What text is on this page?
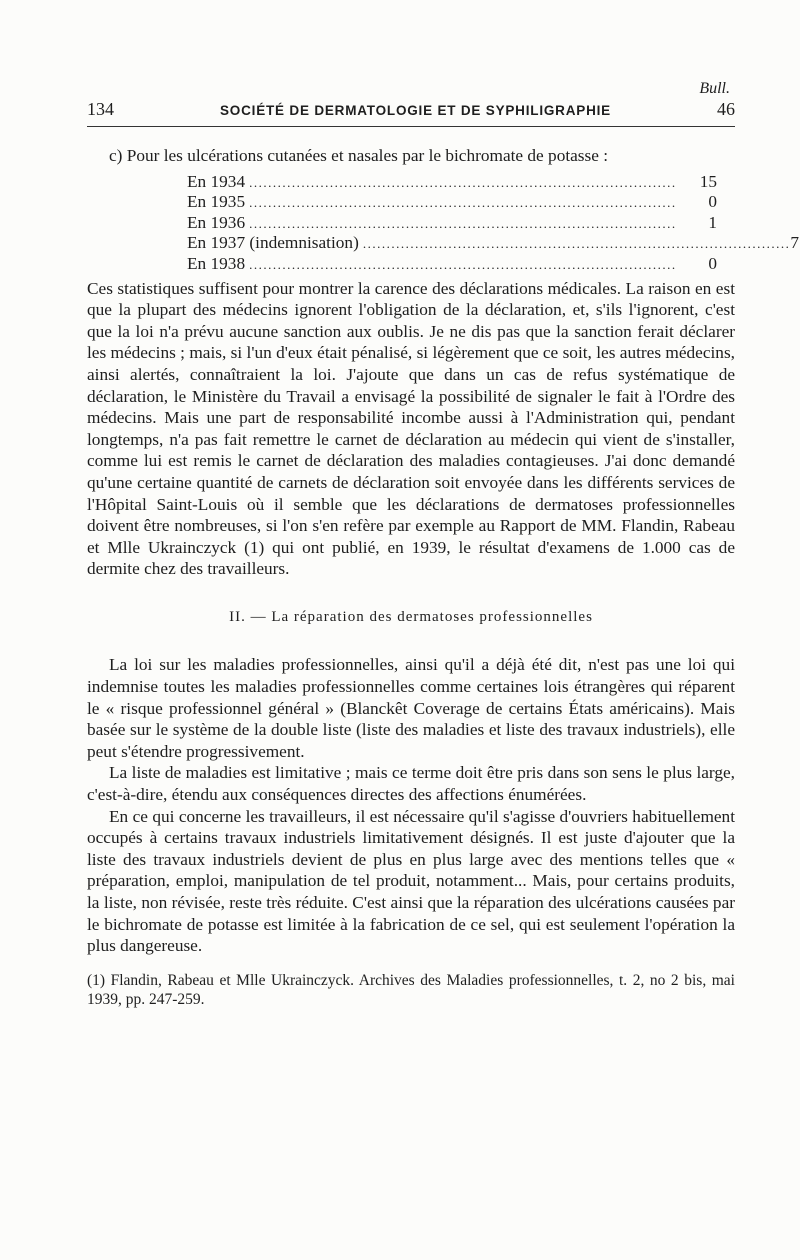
Bull.
134	SOCIÉTÉ DE DERMATOLOGIE ET DE SYPHILIGRAPHIE	46

c) Pour les ulcérations cutanées et nasales par le bichromate de potasse :

En 1934 ..........................................................................................	15
En 1935 ..........................................................................................	0
En 1936 ..........................................................................................	1
En 1937 (indemnisation) .......................................................................................... 7
En 1938 ..........................................................................................	0

Ces statistiques suffisent pour montrer la carence des déclarations médicales. La raison en est que la plupart des médecins ignorent l'obligation de la déclaration, et, s'ils l'ignorent, c'est que la loi n'a prévu aucune sanction aux oublis. Je ne dis pas que la sanction ferait déclarer les médecins ; mais, si l'un d'eux était pénalisé, si légèrement que ce soit, les autres médecins, ainsi alertés, connaîtraient la loi. J'ajoute que dans un cas de refus systématique de déclaration, le Ministère du Travail a envisagé la possibilité de signaler le fait à l'Ordre des médecins. Mais une part de responsabilité incombe aussi à l'Administration qui, pendant longtemps, n'a pas fait remettre le carnet de déclaration au médecin qui vient de s'installer, comme lui est remis le carnet de déclaration des maladies contagieuses. J'ai donc demandé qu'une certaine quantité de carnets de déclaration soit envoyée dans les différents services de l'Hôpital Saint-Louis où il semble que les déclarations de dermatoses professionnelles doivent être nombreuses, si l'on s'en refère par exemple au Rapport de MM. Flandin, Rabeau et Mlle Ukrainczyck (1) qui ont publié, en 1939, le résultat d'examens de 1.000 cas de dermite chez des travailleurs.

II. — La réparation des dermatoses professionnelles

La loi sur les maladies professionnelles, ainsi qu'il a déjà été dit, n'est pas une loi qui indemnise toutes les maladies professionnelles comme certaines lois étrangères qui réparent le « risque professionnel général » (Blanckêt Coverage de certains États américains). Mais basée sur le système de la double liste (liste des maladies et liste des travaux industriels), elle peut s'étendre progressivement.

La liste de maladies est limitative ; mais ce terme doit être pris dans son sens le plus large, c'est-à-dire, étendu aux conséquences directes des affections énumérées.

En ce qui concerne les travailleurs, il est nécessaire qu'il s'agisse d'ouvriers habituellement occupés à certains travaux industriels limitativement désignés. Il est juste d'ajouter que la liste des travaux industriels devient de plus en plus large avec des mentions telles que « préparation, emploi, manipulation de tel produit, notamment... Mais, pour certains produits, la liste, non révisée, reste très réduite. C'est ainsi que la réparation des ulcérations causées par le bichromate de potasse est limitée à la fabrication de ce sel, qui est seulement l'opération la plus dangereuse.

(1) Flandin, Rabeau et Mlle Ukrainczyck. Archives des Maladies professionnelles, t. 2, no 2 bis, mai 1939, pp. 247-259.
